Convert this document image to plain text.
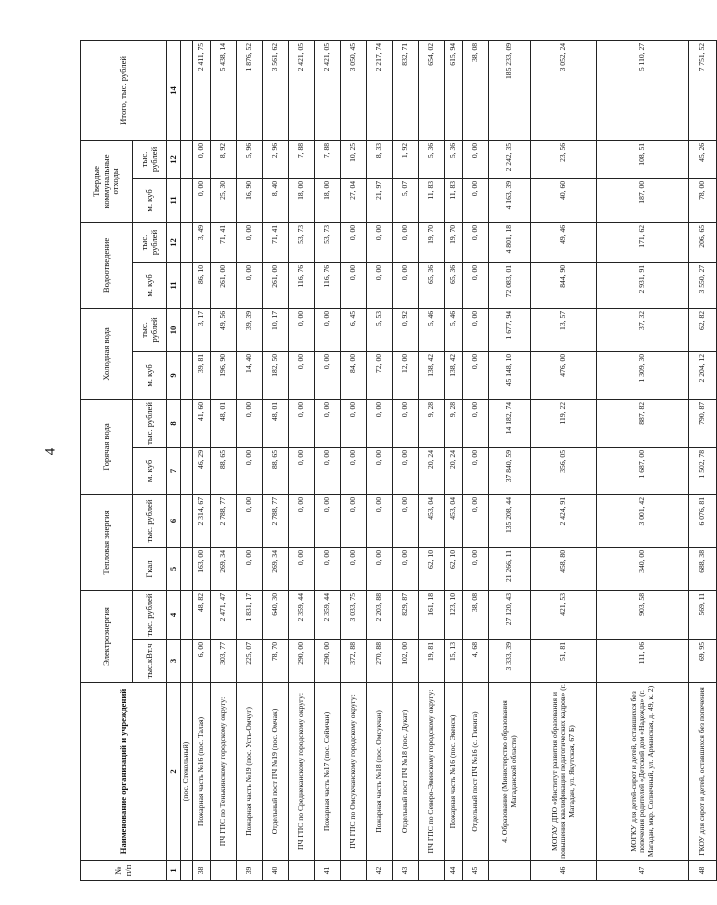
4
№ п/п	Наименование организаций и учреждений	Электроэнергия		Тепловая энергия		Горячая вода		Холодная вода		Водоотведение		Твердые коммунальные отходы		Итого, тыс. рублей
		тыс.кВт.ч	тыс. рублей	Гкал	тыс. рублей	м. куб	тыс. рублей	м. куб	тыс. рублей	м. куб	тыс. рублей	м. куб	тыс. рублей	
1	2	3	4	5	6	7	8	9	10	11	12	11	12	14
	(пос. Стекольный)													
38	Пожарная часть №16 (пос. Талая)	6, 00	48, 82	163, 00	2 314, 67	46, 29	41, 60	39, 81	3, 17	86, 10	3, 49	0, 00	0, 00	2 411, 75
	ПЧ ГПС по Тенькинскому городскому округу:	303, 77	2 471, 47	269, 34	2 788, 77	88, 65	48, 01	196, 90	49, 56	261, 00	71, 41	25, 30	8, 92	5 438, 14
39	Пожарная часть №19 (пос. Усть-Омчуг)	225, 07	1 831, 17	0, 00	0, 00	0, 00	0, 00	14, 40	39, 39	0, 00	0, 00	16, 90	5, 96	1 876, 52
40	Отдельный пост ПЧ №19 (пос. Омчак)	78, 70	640, 30	269, 34	2 788, 77	88, 65	48, 01	182, 50	10, 17	261, 00	71, 41	8, 40	2, 96	3 561, 62
	ПЧ ГПС по Среднеканскому городскому округу:	290, 00	2 359, 44	0, 00	0, 00	0, 00	0, 00	0, 00	0, 00	116, 76	53, 73	18, 00	7, 88	2 421, 05
41	Пожарная часть №17 (пос. Сеймчан)	290, 00	2 359, 44	0, 00	0, 00	0, 00	0, 00	0, 00	0, 00	116, 76	53, 73	18, 00	7, 88	2 421, 05
	ПЧ ГПС по Омсукчанскому городскому округу:	372, 88	3 033, 75	0, 00	0, 00	0, 00	0, 00	84, 00	6, 45	0, 00	0, 00	27, 04	10, 25	3 050, 45
42	Пожарная часть №18 (пос. Омсукчан)	270, 88	2 203, 88	0, 00	0, 00	0, 00	0, 00	72, 00	5, 53	0, 00	0, 00	21, 97	8, 33	2 217, 74
43	Отдельный пост ПЧ №18 (пос. Дукат)	102, 00	829, 87	0, 00	0, 00	0, 00	0, 00	12, 00	0, 92	0, 00	0, 00	5, 07	1, 92	832, 71
	ПЧ ГПС по Северо-Эвенскому городскому округу:	19, 81	161, 18	62, 10	453, 04	20, 24	9, 28	138, 42	5, 46	65, 36	19, 70	11, 83	5, 36	654, 02
44	Пожарная часть №16 (пос. Эвенск)	15, 13	123, 10	62, 10	453, 04	20, 24	9, 28	138, 42	5, 46	65, 36	19, 70	11, 83	5, 36	615, 94
45	Отдельный пост ПЧ №16 (с. Гижига)	4, 68	38, 08	0, 00	0, 00	0, 00	0, 00	0, 00	0, 00	0, 00	0, 00	0, 00	0, 00	38, 08
	4. Образование (Министерство образования Магаданской области)	3 333, 39	27 120, 43	21 266, 11	135 208, 44	37 840, 59	14 182, 74	45 148, 10	1 677, 94	72 083, 01	4 801, 18	4 163, 39	2 242, 35	185 233, 09
46	МОГАУ ДПО «Институт развития образования и повышения квалификации педагогических кадров» (г. Магадан, ул. Якутская, 67 Б)	51, 81	421, 53	458, 80	2 424, 91	356, 05	119, 22	476, 00	13, 57	844, 90	49, 46	40, 60	23, 56	3 052, 24
47	МОГКУ для детей-сирот и детей, оставшихся без попечения родителей «Детский дом «Надежда» (г. Магадан, мкр. Солнечный, ул. Арманская, д. 49, к. 2)	111, 06	903, 58	340, 00	3 001, 42	1 687, 00	887, 82	1 309, 30	37, 32	2 931, 91	171, 62	187, 00	108, 51	5 110, 27
48	ГКОУ для сирот и детей, оставшихся без попечения	69, 95	569, 11	688, 38	6 076, 81	1 502, 78	790, 87	2 204, 12	62, 82	3 550, 27	206, 65	78, 00	45, 26	7 751, 52
